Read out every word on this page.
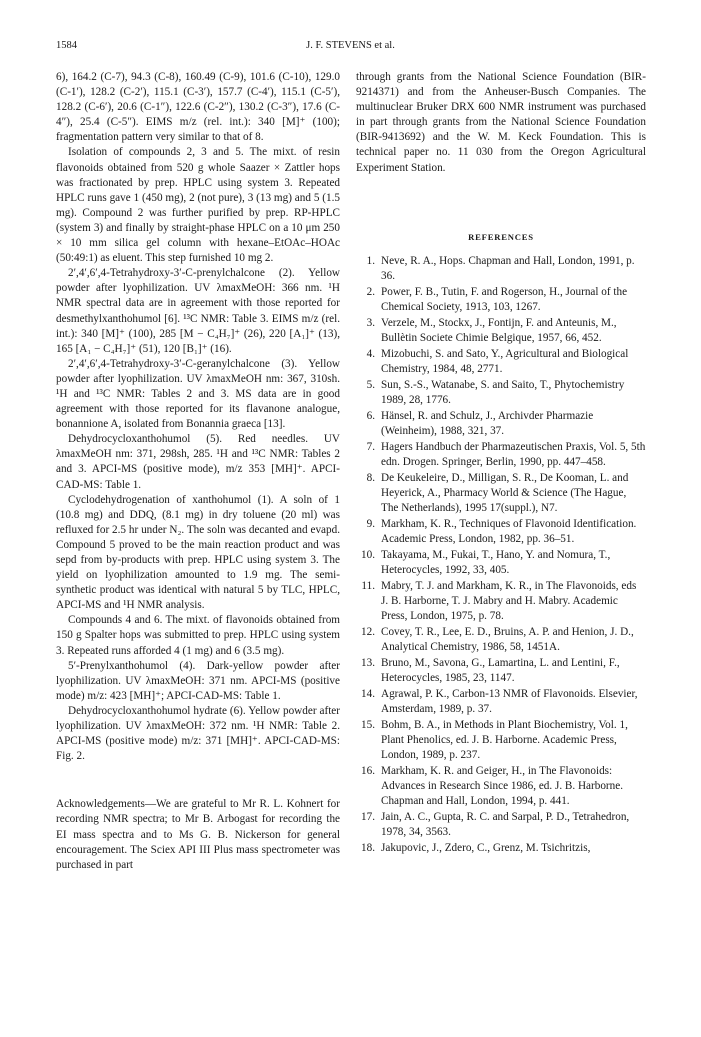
1584	J. F. STEVENS et al.

6), 164.2 (C-7), 94.3 (C-8), 160.49 (C-9), 101.6 (C-10), 129.0 (C-1′), 128.2 (C-2′), 115.1 (C-3′), 157.7 (C-4′), 115.1 (C-5′), 128.2 (C-6′), 20.6 (C-1″), 122.6 (C-2″), 130.2 (C-3″), 17.6 (C-4″), 25.4 (C-5″). EIMS m/z (rel. int.): 340 [M]⁺ (100); fragmentation pattern very similar to that of 8.

Isolation of compounds 2, 3 and 5. The mixt. of resin flavonoids obtained from 520 g whole Saazer × Zattler hops was fractionated by prep. HPLC using system 3. Repeated HPLC runs gave 1 (450 mg), 2 (not pure), 3 (13 mg) and 5 (1.5 mg). Compound 2 was further purified by prep. RP-HPLC (system 3) and finally by straight-phase HPLC on a 10 μm 250 × 10 mm silica gel column with hexane–EtOAc–HOAc (50:49:1) as eluent. This step furnished 10 mg 2.

2′,4′,6′,4-Tetrahydroxy-3′-C-prenylchalcone (2). Yellow powder after lyophilization. UV λmaxMeOH: 366 nm. ¹H NMR spectral data are in agreement with those reported for desmethylxanthohumol [6]. ¹³C NMR: Table 3. EIMS m/z (rel. int.): 340 [M]⁺ (100), 285 [M − C₄H₇]⁺ (26), 220 [A₁]⁺ (13), 165 [A₁ − C₄H₇]⁺ (51), 120 [B₁]⁺ (16).

2′,4′,6′,4-Tetrahydroxy-3′-C-geranylchalcone (3). Yellow powder after lyophilization. UV λmaxMeOH nm: 367, 310sh. ¹H and ¹³C NMR: Tables 2 and 3. MS data are in good agreement with those reported for its flavanone analogue, bonannione A, isolated from Bonannia graeca [13].

Dehydrocycloxanthohumol (5). Red needles. UV λmaxMeOH nm: 371, 298sh, 285. ¹H and ¹³C NMR: Tables 2 and 3. APCI-MS (positive mode), m/z 353 [MH]⁺. APCI-CAD-MS: Table 1.

Cyclodehydrogenation of xanthohumol (1). A soln of 1 (10.8 mg) and DDQ, (8.1 mg) in dry toluene (20 ml) was refluxed for 2.5 hr under N₂. The soln was decanted and evapd. Compound 5 proved to be the main reaction product and was sepd from by-products with prep. HPLC using system 3. The yield on lyophilization amounted to 1.9 mg. The semi-synthetic product was identical with natural 5 by TLC, HPLC, APCI-MS and ¹H NMR analysis.

Compounds 4 and 6. The mixt. of flavonoids obtained from 150 g Spalter hops was submitted to prep. HPLC using system 3. Repeated runs afforded 4 (1 mg) and 6 (3.5 mg).

5′-Prenylxanthohumol (4). Dark-yellow powder after lyophilization. UV λmaxMeOH: 371 nm. APCI-MS (positive mode) m/z: 423 [MH]⁺; APCI-CAD-MS: Table 1.

Dehydrocycloxanthohumol hydrate (6). Yellow powder after lyophilization. UV λmaxMeOH: 372 nm. ¹H NMR: Table 2. APCI-MS (positive mode) m/z: 371 [MH]⁺. APCI-CAD-MS: Fig. 2.

Acknowledgements—We are grateful to Mr R. L. Kohnert for recording NMR spectra; to Mr B. Arbogast for recording the EI mass spectra and to Ms G. B. Nickerson for general encouragement. The Sciex API III Plus mass spectrometer was purchased in part

through grants from the National Science Foundation (BIR-9214371) and from the Anheuser-Busch Companies. The multinuclear Bruker DRX 600 NMR instrument was purchased in part through grants from the National Science Foundation (BIR-9413692) and the W. M. Keck Foundation. This is technical paper no. 11 030 from the Oregon Agricultural Experiment Station.

REFERENCES
1. Neve, R. A., Hops. Chapman and Hall, London, 1991, p. 36.
2. Power, F. B., Tutin, F. and Rogerson, H., Journal of the Chemical Society, 1913, 103, 1267.
3. Verzele, M., Stockx, J., Fontijn, F. and Anteunis, M., Bullètin Societe Chimie Belgique, 1957, 66, 452.
4. Mizobuchi, S. and Sato, Y., Agricultural and Biological Chemistry, 1984, 48, 2771.
5. Sun, S.-S., Watanabe, S. and Saito, T., Phytochemistry 1989, 28, 1776.
6. Hänsel, R. and Schulz, J., Archivder Pharmazie (Weinheim), 1988, 321, 37.
7. Hagers Handbuch der Pharmazeutischen Praxis, Vol. 5, 5th edn. Drogen. Springer, Berlin, 1990, pp. 447–458.
8. De Keukeleire, D., Milligan, S. R., De Kooman, L. and Heyerick, A., Pharmacy World & Science (The Hague, The Netherlands), 1995 17(suppl.), N7.
9. Markham, K. R., Techniques of Flavonoid Identification. Academic Press, London, 1982, pp. 36–51.
10. Takayama, M., Fukai, T., Hano, Y. and Nomura, T., Heterocycles, 1992, 33, 405.
11. Mabry, T. J. and Markham, K. R., in The Flavonoids, eds J. B. Harborne, T. J. Mabry and H. Mabry. Academic Press, London, 1975, p. 78.
12. Covey, T. R., Lee, E. D., Bruins, A. P. and Henion, J. D., Analytical Chemistry, 1986, 58, 1451A.
13. Bruno, M., Savona, G., Lamartina, L. and Lentini, F., Heterocycles, 1985, 23, 1147.
14. Agrawal, P. K., Carbon-13 NMR of Flavonoids. Elsevier, Amsterdam, 1989, p. 37.
15. Bohm, B. A., in Methods in Plant Biochemistry, Vol. 1, Plant Phenolics, ed. J. B. Harborne. Academic Press, London, 1989, p. 237.
16. Markham, K. R. and Geiger, H., in The Flavonoids: Advances in Research Since 1986, ed. J. B. Harborne. Chapman and Hall, London, 1994, p. 441.
17. Jain, A. C., Gupta, R. C. and Sarpal, P. D., Tetrahedron, 1978, 34, 3563.
18. Jakupovic, J., Zdero, C., Grenz, M. Tsichritzis,
